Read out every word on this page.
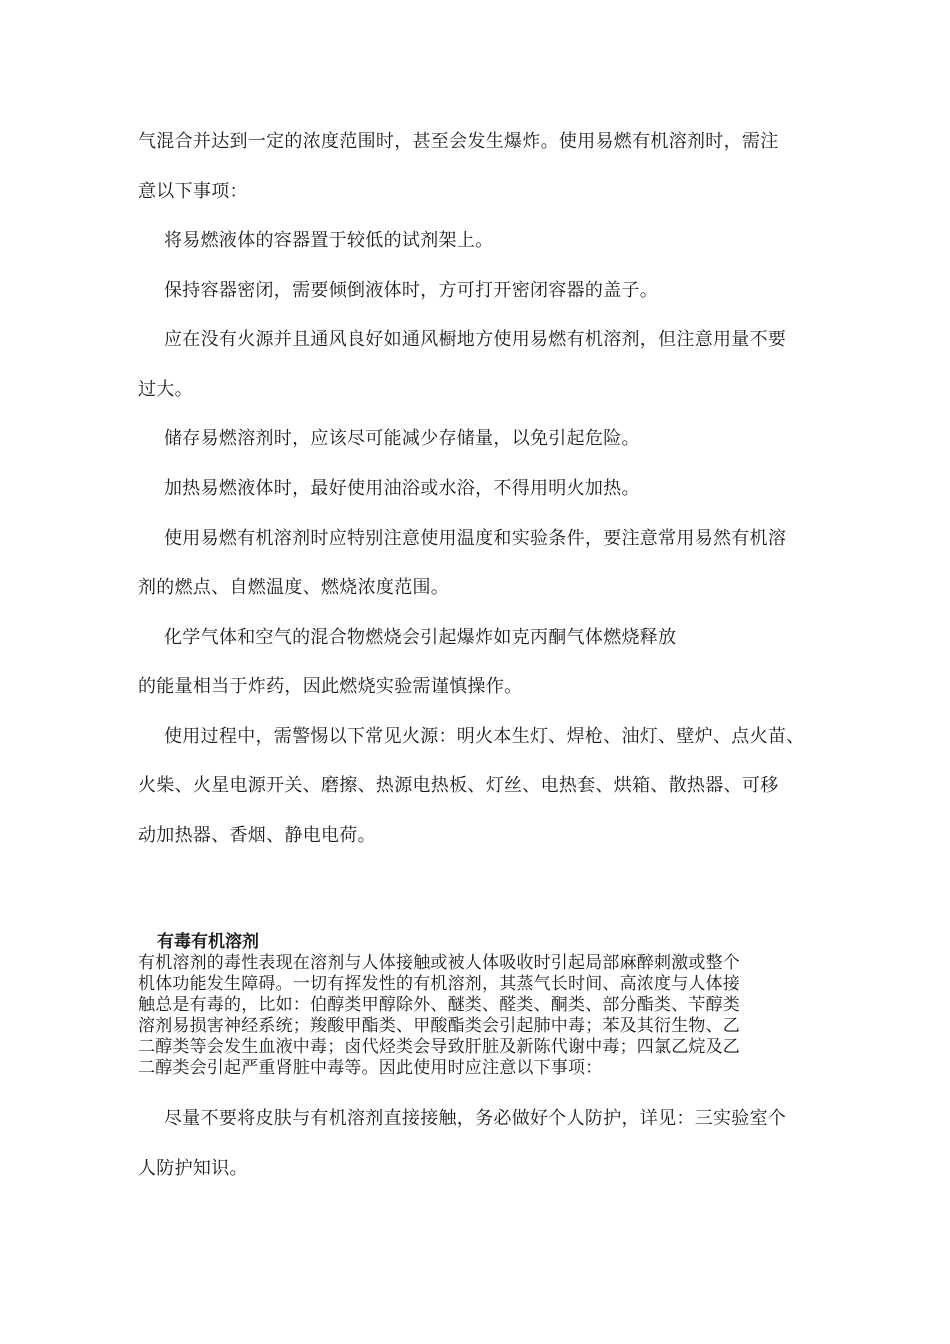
气混合并达到一定的浓度范围时，甚至会发生爆炸。使用易燃有机溶剂时，需注
意以下事项：
将易燃液体的容器置于较低的试剂架上。
保持容器密闭，需要倾倒液体时，方可打开密闭容器的盖子。
应在没有火源并且通风良好如通风橱地方使用易燃有机溶剂，但注意用量不要
过大。
储存易燃溶剂时，应该尽可能减少存储量，以免引起危险。
加热易燃液体时，最好使用油浴或水浴，不得用明火加热。
使用易燃有机溶剂时应特别注意使用温度和实验条件，要注意常用易然有机溶
剂的燃点、自燃温度、燃烧浓度范围。
化学气体和空气的混合物燃烧会引起爆炸如克丙酮气体燃烧释放
的能量相当于炸药，因此燃烧实验需谨慎操作。
使用过程中，需警惕以下常见火源：明火本生灯、焊枪、油灯、壁炉、点火苗、
火柴、火星电源开关、磨擦、热源电热板、灯丝、电热套、烘箱、散热器、可移
动加热器、香烟、静电电荷。
有毒有机溶剂
有机溶剂的毒性表现在溶剂与人体接触或被人体吸收时引起局部麻醉刺激或整个
机体功能发生障碍。一切有挥发性的有机溶剂，其蒸气长时间、高浓度与人体接
触总是有毒的，比如：伯醇类甲醇除外、醚类、醛类、酮类、部分酯类、苄醇类
溶剂易损害神经系统；羧酸甲酯类、甲酸酯类会引起肺中毒；苯及其衍生物、乙
二醇类等会发生血液中毒；卤代烃类会导致肝脏及新陈代谢中毒；四氯乙烷及乙
二醇类会引起严重肾脏中毒等。因此使用时应注意以下事项：
尽量不要将皮肤与有机溶剂直接接触，务必做好个人防护，详见：三实验室个
人防护知识。
